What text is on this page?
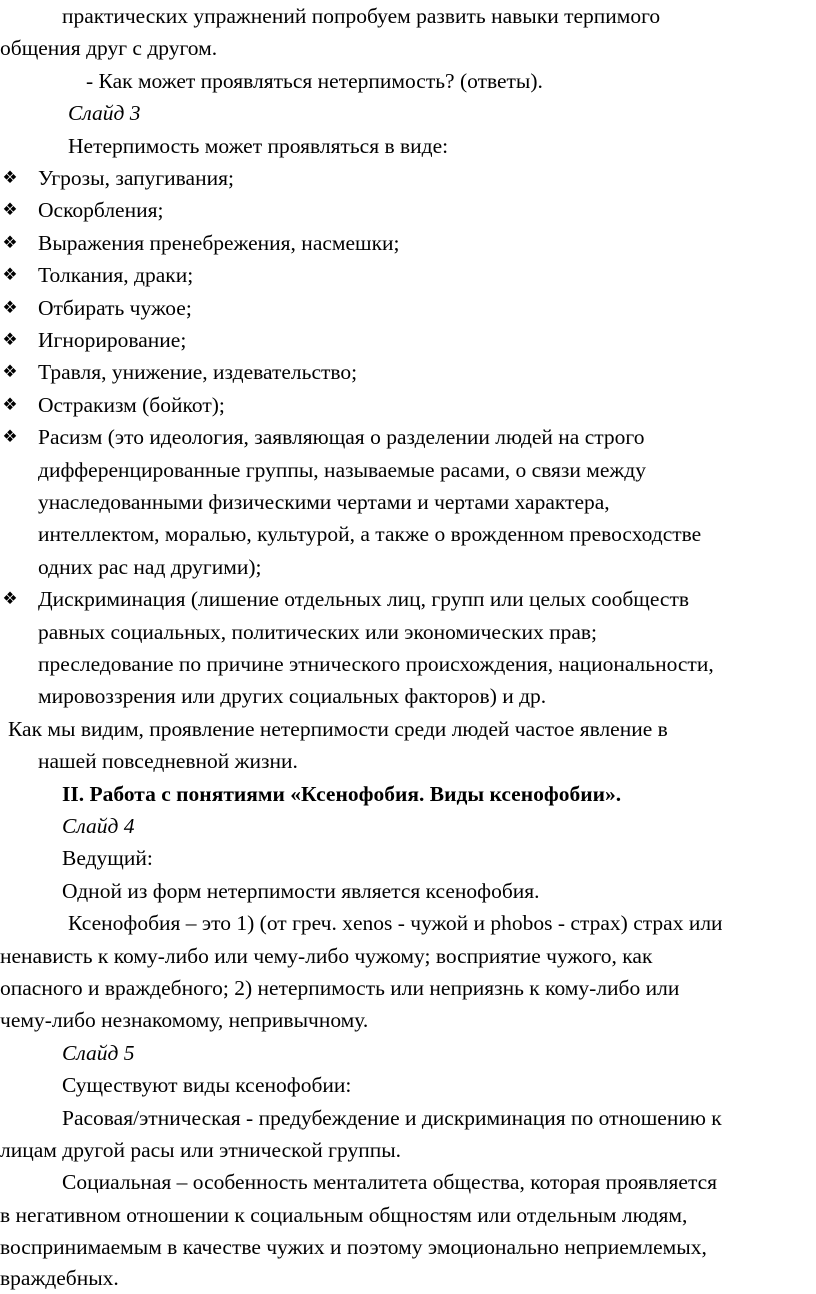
практических упражнений попробуем развить навыки терпимого
общения друг с другом.
- Как может проявляться нетерпимость? (ответы).
Слайд 3
Нетерпимость может проявляться в виде:
❖ Угрозы, запугивания;
❖ Оскорбления;
❖ Выражения пренебрежения, насмешки;
❖ Толкания, драки;
❖ Отбирать чужое;
❖ Игнорирование;
❖ Травля, унижение, издевательство;
❖ Остракизм (бойкот);
❖ Расизм (это идеология, заявляющая о разделении людей на строго
дифференцированные группы, называемые расами, о связи между
унаследованными физическими чертами и чертами характера,
интеллектом, моралью, культурой, а также о врожденном превосходстве
одних рас над другими);
❖ Дискриминация (лишение отдельных лиц, групп или целых сообществ
равных социальных, политических или экономических прав;
преследование по причине этнического происхождения, национальности,
мировоззрения или других социальных факторов) и др.
Как мы видим, проявление нетерпимости среди людей частое явление в
нашей повседневной жизни.
II. Работа с понятиями «Ксенофобия. Виды ксенофобии».
Слайд 4
Ведущий:
Одной из форм нетерпимости является ксенофобия.
Ксенофобия – это 1) (от греч. xenos - чужой и phobos - страх) страх или
ненависть к кому-либо или чему-либо чужому; восприятие чужого, как
опасного и враждебного; 2) нетерпимость или неприязнь к кому-либо или
чему-либо незнакомому, непривычному.
Слайд 5
Существуют виды ксенофобии:
Расовая/этническая - предубеждение и дискриминация по отношению к
лицам другой расы или этнической группы.
Социальная – особенность менталитета общества, которая проявляется
в негативном отношении к социальным общностям или отдельным людям,
воспринимаемым в качестве чужих и поэтому эмоционально неприемлемых,
враждебных.
